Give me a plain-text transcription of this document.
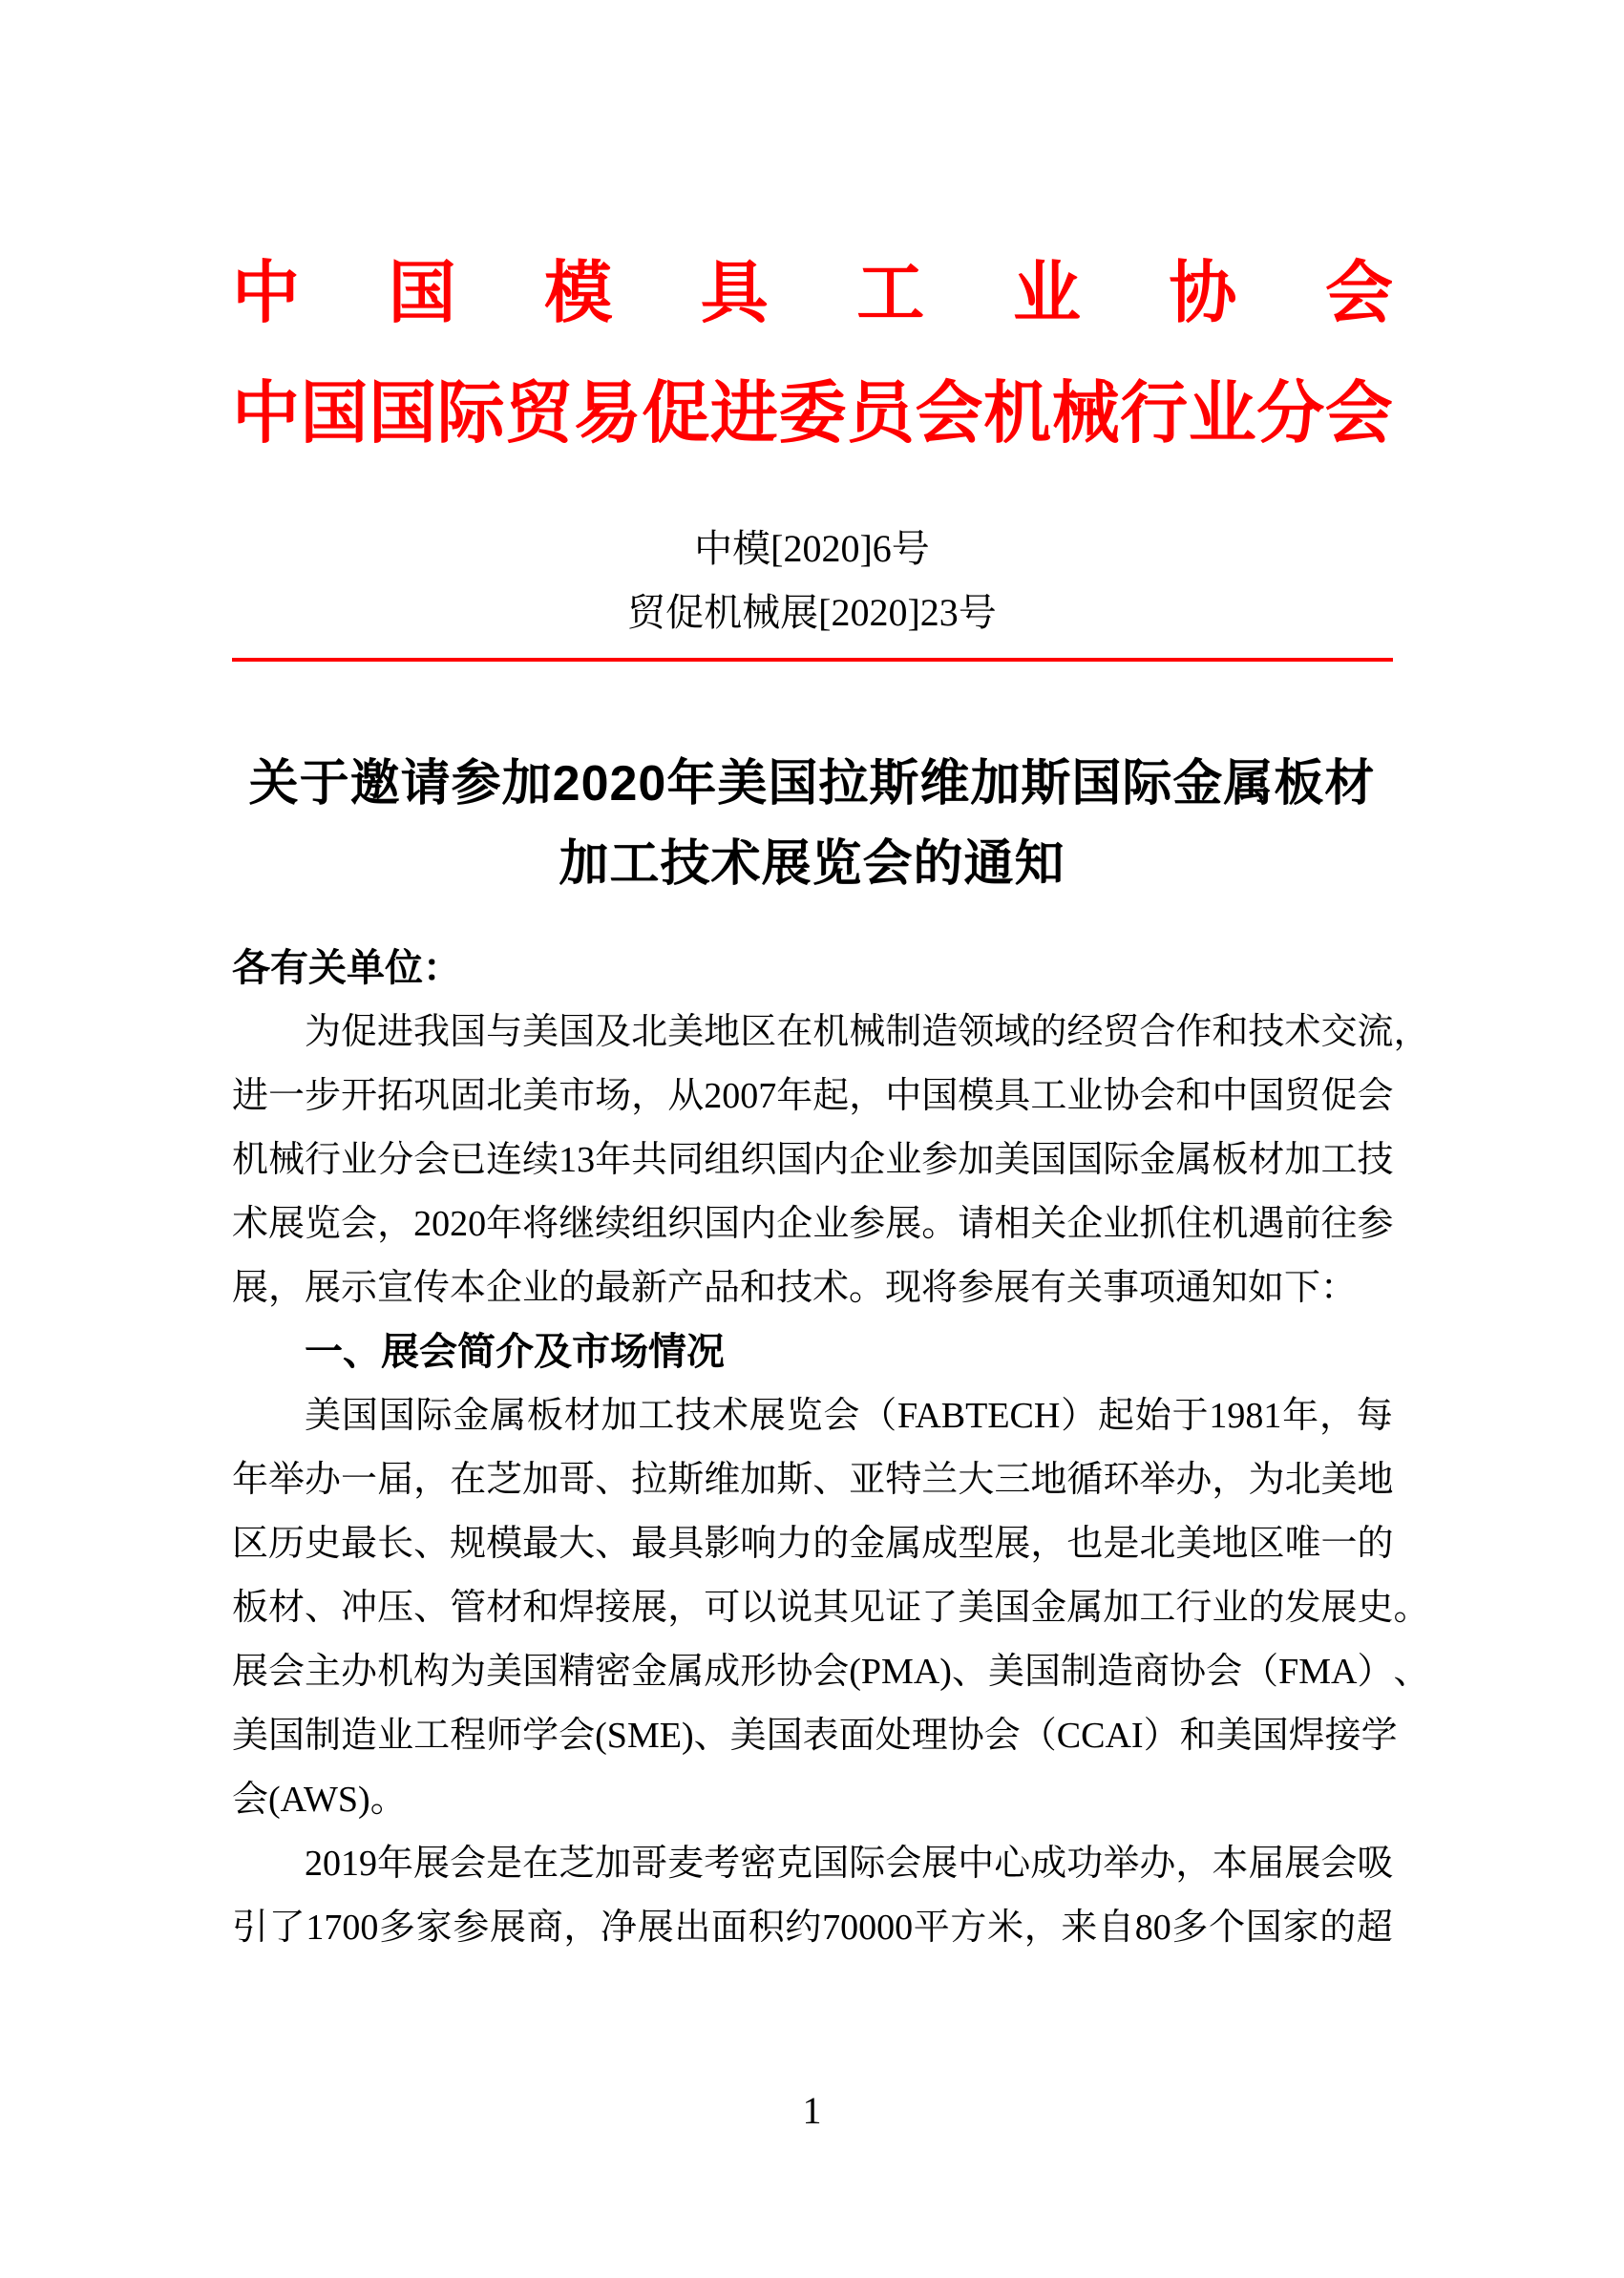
中 国 模 具 工 业 协 会
中 国 国 际 贸 易 促 进 委 员 会 机 械 行 业 分 会
中模[2020]6号
贸促机械展[2020]23号
关于邀请参加2020年美国拉斯维加斯国际金属板材
加工技术展览会的通知
各有关单位：
为 促 进 我 国 与 美 国 及 北 美 地 区 在 机 械 制 造 领 域 的 经 贸 合 作 和 技 术 交 流 ，
进 一 步 开 拓 巩 固 北 美 市 场 ， 从 2007 年 起 ， 中 国 模 具 工 业 协 会 和 中 国 贸 促 会
机 械 行 业 分 会 已 连 续 13 年 共 同 组 织 国 内 企 业 参 加 美 国 国 际 金 属 板 材 加 工 技
术 展 览 会 ， 2020 年 将 继 续 组 织 国 内 企 业 参 展 。 请 相 关 企 业 抓 住 机 遇 前 往 参
展，展示宣传本企业的最新产品和技术。现将参展有关事项通知如下：
一、展会简介及市场情况
美 国 国 际 金 属 板 材 加 工 技 术 展 览 会 （ FABTECH ） 起 始 于 1981 年 ， 每
年 举 办 一 届 ， 在 芝 加 哥 、 拉 斯 维 加 斯 、 亚 特 兰 大 三 地 循 环 举 办 ， 为 北 美 地
区 历 史 最 长 、 规 模 最 大 、 最 具 影 响 力 的 金 属 成 型 展 ， 也 是 北 美 地 区 唯 一 的
板 材 、 冲 压 、 管 材 和 焊 接 展 ， 可 以 说 其 见 证 了 美 国 金 属 加 工 行 业 的 发 展 史 。
展 会 主 办 机 构 为 美 国 精 密 金 属 成 形 协 会 (PMA) 、 美 国 制 造 商 协 会 （ FMA ） 、
美 国 制 造 业 工 程 师 学 会 (SME) 、 美 国 表 面 处 理 协 会 （ CCAI ） 和 美 国 焊 接 学
会(AWS)。
2019 年 展 会 是 在 芝 加 哥 麦 考 密 克 国 际 会 展 中 心 成 功 举 办 ， 本 届 展 会 吸
引 了 1700 多 家 参 展 商 ， 净 展 出 面 积 约 70000 平 方 米 ， 来 自 80 多 个 国 家 的 超
1
